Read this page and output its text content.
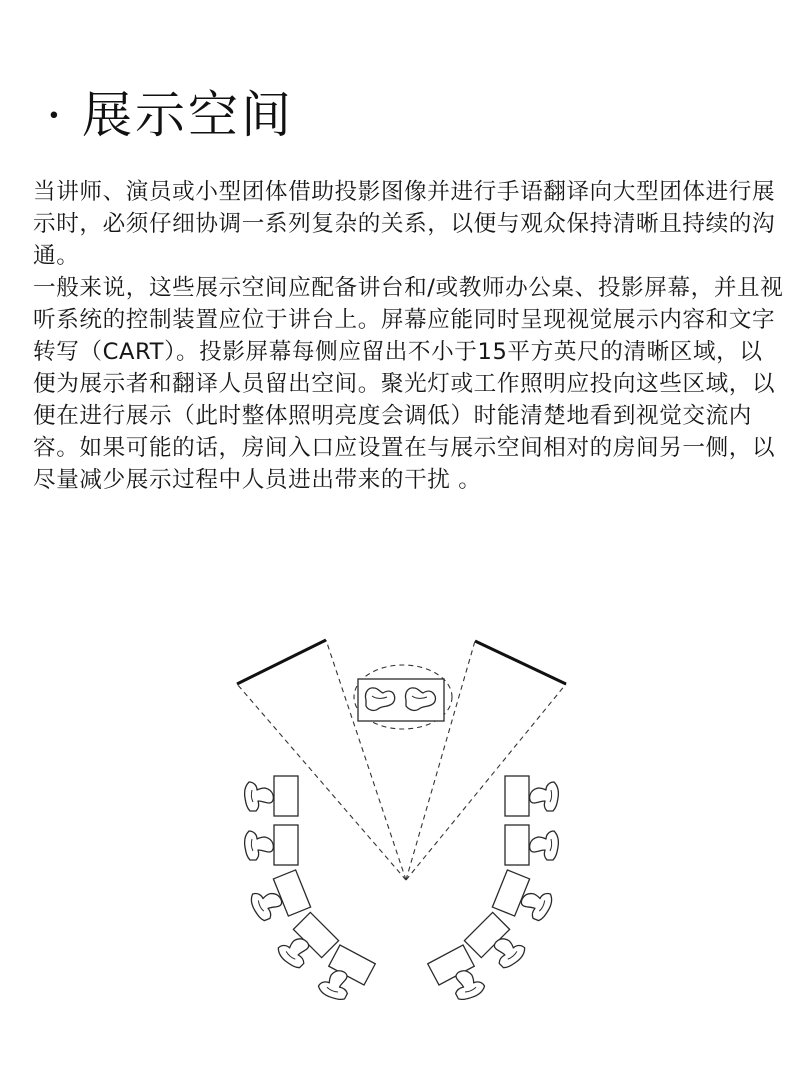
· 展示空间

当讲师、演员或小型团体借助投影图像并进行手语翻译向大型团体进行展示时，必须仔细协调一系列复杂的关系，以便与观众保持清晰且持续的沟通。

一般来说，这些展示空间应配备讲台和/或教师办公桌、投影屏幕，并且视听系统的控制装置应位于讲台上。屏幕应能同时呈现视觉展示内容和文字转写（CART）。投影屏幕每侧应留出不小于15平方英尺的清晰区域，以便为展示者和翻译人员留出空间。聚光灯或工作照明应投向这些区域，以便在进行展示（此时整体照明亮度会调低）时能清楚地看到视觉交流内容。如果可能的话，房间入口应设置在与展示空间相对的房间另一侧，以尽量减少展示过程中人员进出带来的干扰 。
